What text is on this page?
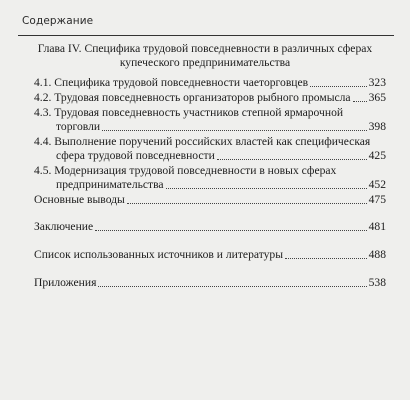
Содержание
Глава IV. Специфика трудовой повседневности в различных сферах
купеческого предпринимательства
4.1. Специфика трудовой повседневности чаеторговцев	323
4.2. Трудовая повседневность организаторов рыбного промысла 365
4.3. Трудовая повседневность участников степной ярмарочной
торговли	398
4.4. Выполнение поручений российских властей как специфическая
сфера трудовой повседневности	425
4.5. Модернизация трудовой повседневности в новых сферах
предпринимательства	452
Основные выводы	475
Заключение	481
Список использованных источников и литературы	488
Приложения	538
